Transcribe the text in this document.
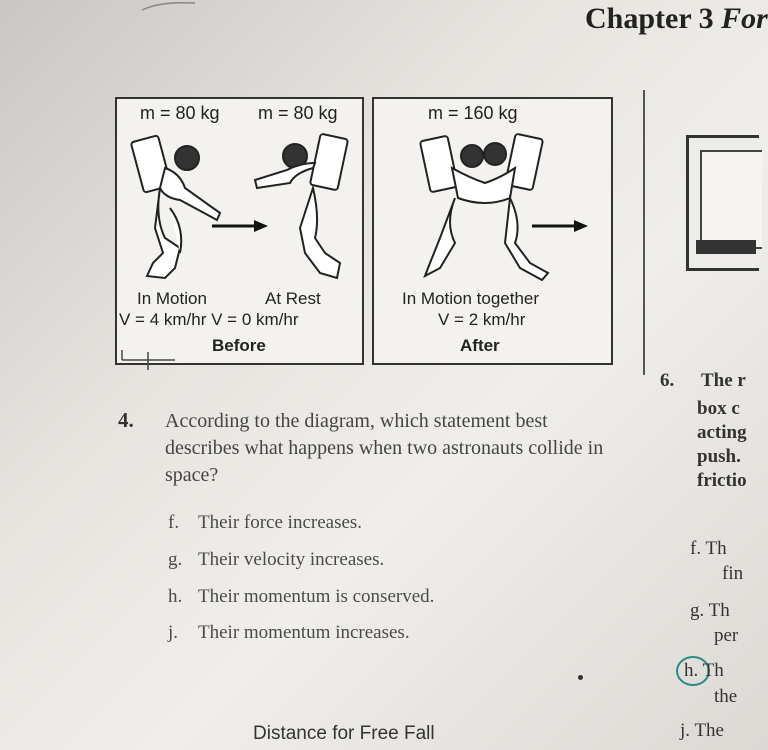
Chapter 3 For
m = 80 kg m = 80 kg
In Motion	At Rest
V = 4 km/hr V = 0 km/hr
Before
m = 160 kg
In Motion together
V = 2 km/hr
After
4. According to the diagram, which statement best describes what happens when two astronauts collide in space?
f. Their force increases.
g. Their velocity increases.
h. Their momentum is conserved.
j. Their momentum increases.
6. The r
box c
acting
push.
frictio
f. Th
fin
g. Th
per
h. Th
the
j. The
Distance for Free Fall
